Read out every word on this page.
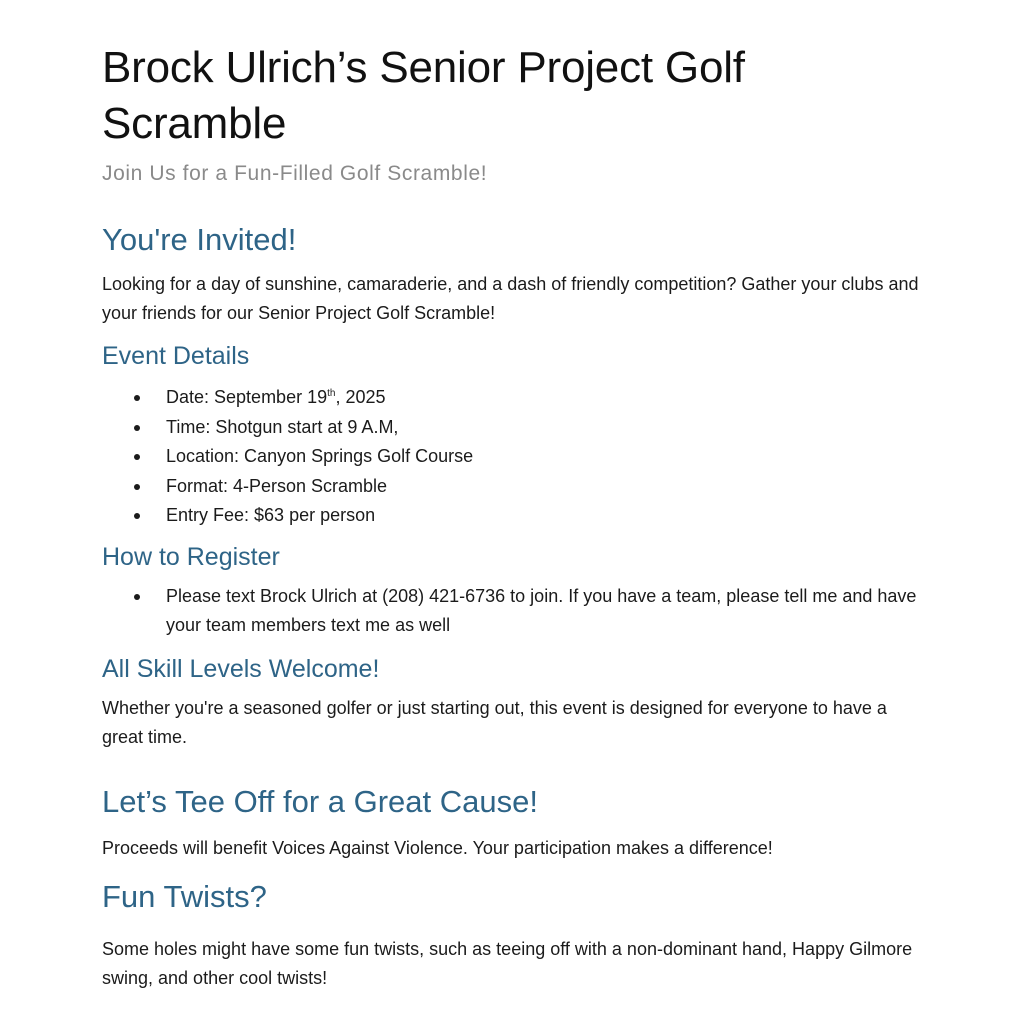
Brock Ulrich’s Senior Project Golf Scramble
Join Us for a Fun-Filled Golf Scramble!
You're Invited!

Looking for a day of sunshine, camaraderie, and a dash of friendly competition? Gather your clubs and your friends for our Senior Project Golf Scramble!

Event Details
Date: September 19th, 2025
Time: Shotgun start at 9 A.M,
Location: Canyon Springs Golf Course
Format: 4-Person Scramble
Entry Fee: $63 per person
How to Register
Please text Brock Ulrich at (208) 421-6736 to join. If you have a team, please tell me and have your team members text me as well
All Skill Levels Welcome!

Whether you're a seasoned golfer or just starting out, this event is designed for everyone to have a great time.

Let’s Tee Off for a Great Cause!

Proceeds will benefit Voices Against Violence. Your participation makes a difference!

Fun Twists?

Some holes might have some fun twists, such as teeing off with a non-dominant hand, Happy Gilmore swing, and other cool twists!
